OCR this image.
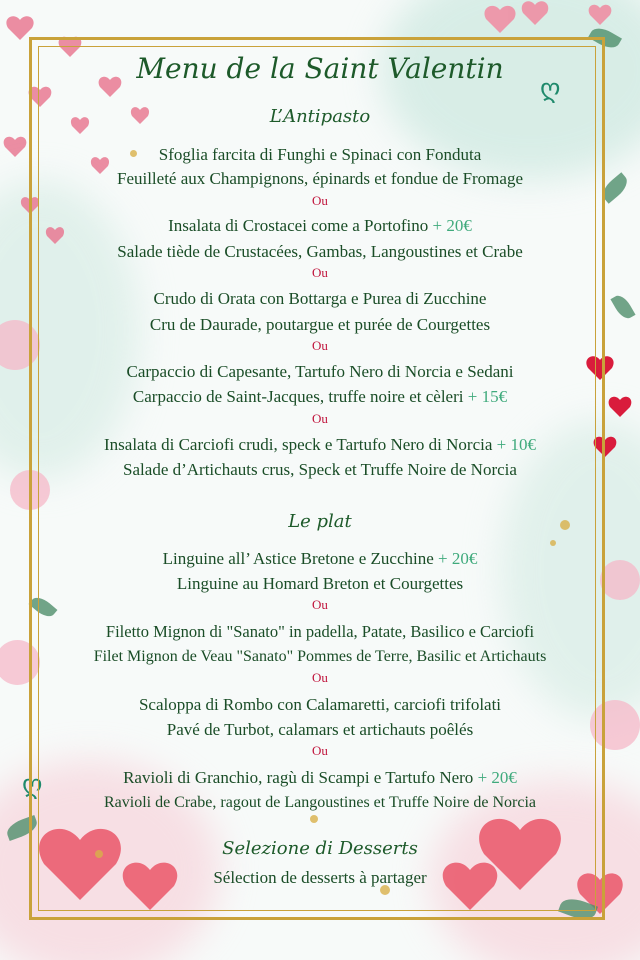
ღ
ღ
Menu de la Saint Valentin
L’Antipasto
Sfoglia farcita di Funghi e Spinaci con Fonduta
Feuilleté aux Champignons, épinards et fondue de Fromage
Ou
Insalata di Crostacei come a Portofino + 20€
Salade tiède de Crustacées, Gambas, Langoustines et Crabe
Ou
Crudo di Orata con Bottarga e Purea di Zucchine
Cru de Daurade, poutargue et purée de Courgettes
Ou
Carpaccio di Capesante, Tartufo Nero di Norcia e Sedani
Carpaccio de Saint-Jacques, truffe noire et cèleri + 15€
Ou
Insalata di Carciofi crudi, speck e Tartufo Nero di Norcia + 10€
Salade d’Artichauts crus, Speck et Truffe Noire de Norcia
Le plat
Linguine all’ Astice Bretone e Zucchine + 20€
Linguine au Homard Breton et Courgettes
Ou
Filetto Mignon di "Sanato" in padella, Patate, Basilico e Carciofi
Filet Mignon de Veau "Sanato" Pommes de Terre, Basilic et Artichauts
Ou
Scaloppa di Rombo con Calamaretti, carciofi trifolati
Pavé de Turbot, calamars et artichauts poêlés
Ou
Ravioli di Granchio, ragù di Scampi e Tartufo Nero + 20€
Ravioli de Crabe, ragout de Langoustines et Truffe Noire de Norcia
Selezione di Desserts
Sélection de desserts à partager
